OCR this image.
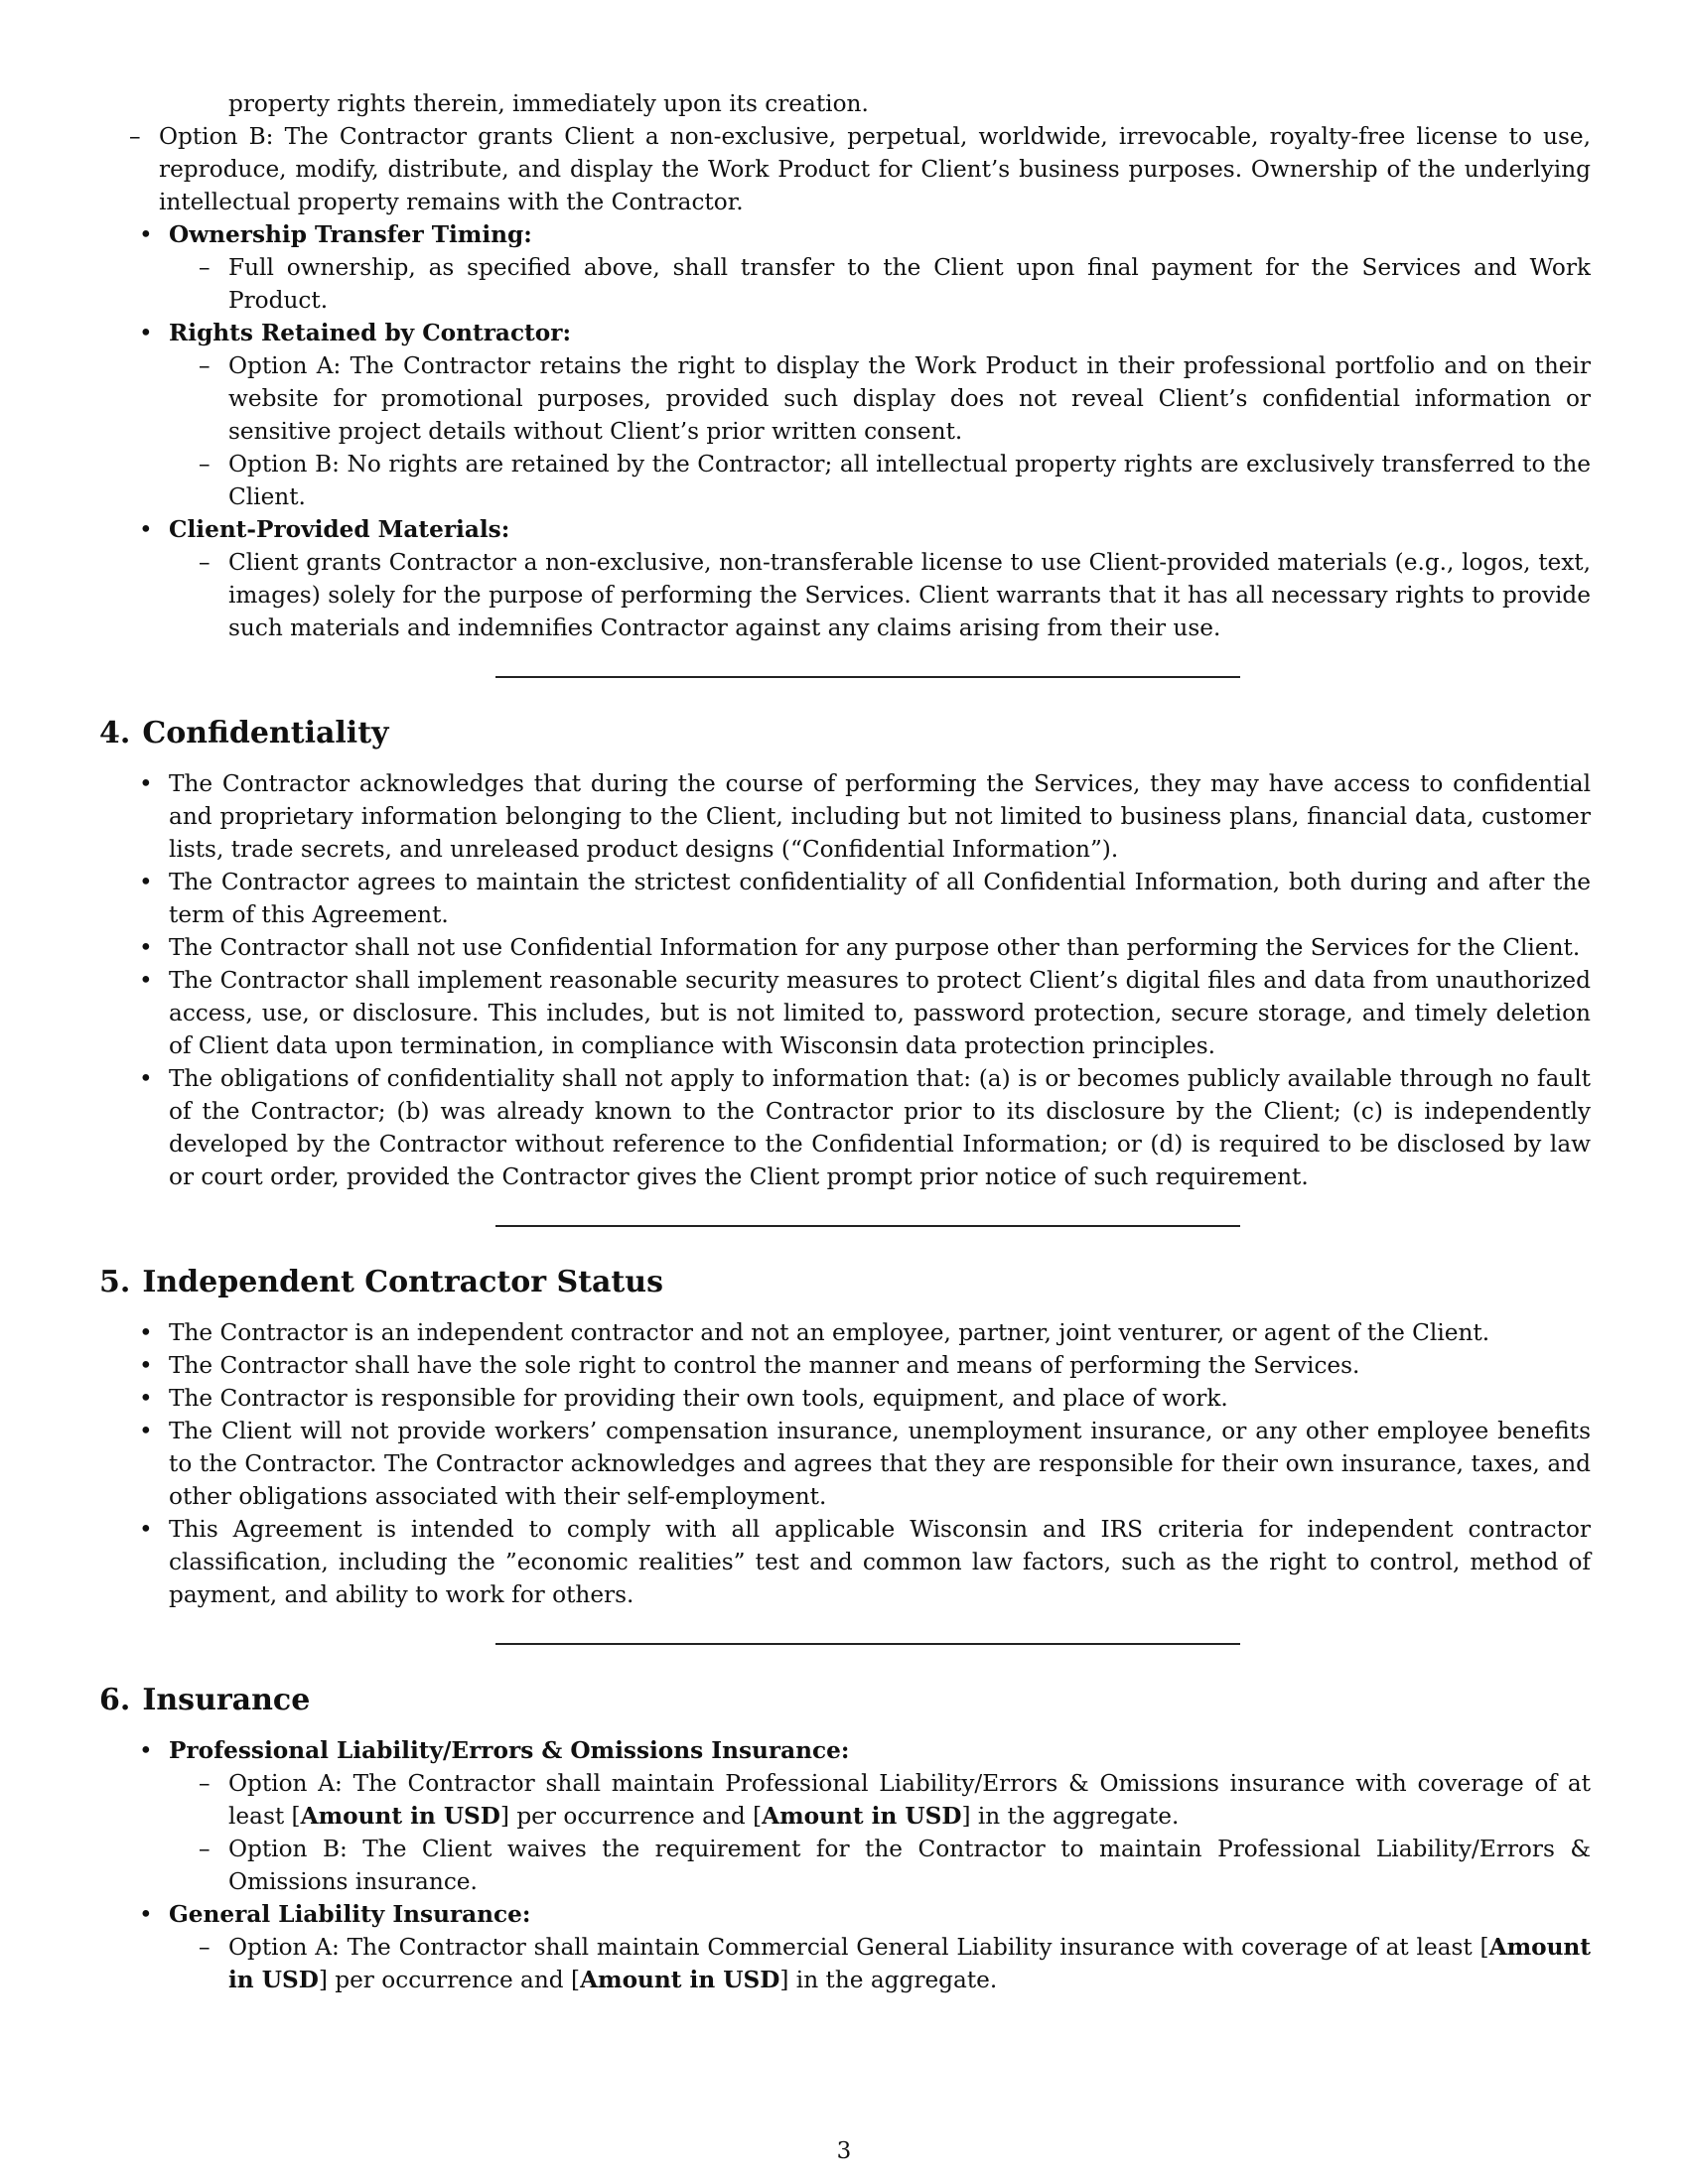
property rights therein, immediately upon its creation.

– Option B: The Contractor grants Client a non-exclusive, perpetual, worldwide, irrevocable, royalty-free license to use, reproduce, modify, distribute, and display the Work Product for Client’s business purposes. Ownership of the underlying intellectual property remains with the Contractor.
• Ownership Transfer Timing:
– Full ownership, as specified above, shall transfer to the Client upon final payment for the Services and Work Product.
• Rights Retained by Contractor:
– Option A: The Contractor retains the right to display the Work Product in their professional portfolio and on their website for promotional purposes, provided such display does not reveal Client’s confidential information or sensitive project details without Client’s prior written consent.
– Option B: No rights are retained by the Contractor; all intellectual property rights are exclusively transferred to the Client.
• Client-Provided Materials:
– Client grants Contractor a non-exclusive, non-transferable license to use Client-provided materials (e.g., logos, text, images) solely for the purpose of performing the Services. Client warrants that it has all necessary rights to provide such materials and indemnifies Contractor against any claims arising from their use.
4. Confidentiality
• The Contractor acknowledges that during the course of performing the Services, they may have access to confidential and proprietary information belonging to the Client, including but not limited to business plans, financial data, customer lists, trade secrets, and unreleased product designs (“Confidential Information”).
• The Contractor agrees to maintain the strictest confidentiality of all Confidential Information, both during and after the term of this Agreement.
• The Contractor shall not use Confidential Information for any purpose other than performing the Services for the Client.
• The Contractor shall implement reasonable security measures to protect Client’s digital files and data from unauthorized access, use, or disclosure. This includes, but is not limited to, password protection, secure storage, and timely deletion of Client data upon termination, in compliance with Wisconsin data protection principles.
• The obligations of confidentiality shall not apply to information that: (a) is or becomes publicly available through no fault of the Contractor; (b) was already known to the Contractor prior to its disclosure by the Client; (c) is independently developed by the Contractor without reference to the Confidential Information; or (d) is required to be disclosed by law or court order, provided the Contractor gives the Client prompt prior notice of such requirement.
5. Independent Contractor Status
• The Contractor is an independent contractor and not an employee, partner, joint venturer, or agent of the Client.
• The Contractor shall have the sole right to control the manner and means of performing the Services.
• The Contractor is responsible for providing their own tools, equipment, and place of work.
• The Client will not provide workers’ compensation insurance, unemployment insurance, or any other employee benefits to the Contractor. The Contractor acknowledges and agrees that they are responsible for their own insurance, taxes, and other obligations associated with their self-employment.
• This Agreement is intended to comply with all applicable Wisconsin and IRS criteria for independent contractor classification, including the ”economic realities” test and common law factors, such as the right to control, method of payment, and ability to work for others.
6. Insurance
• Professional Liability/Errors & Omissions Insurance:
– Option A: The Contractor shall maintain Professional Liability/Errors & Omissions insurance with coverage of at least [Amount in USD] per occurrence and [Amount in USD] in the aggregate.
– Option B: The Client waives the requirement for the Contractor to maintain Professional Liability/Errors & Omissions insurance.
• General Liability Insurance:
– Option A: The Contractor shall maintain Commercial General Liability insurance with coverage of at least [Amount in USD] per occurrence and [Amount in USD] in the aggregate.
3
